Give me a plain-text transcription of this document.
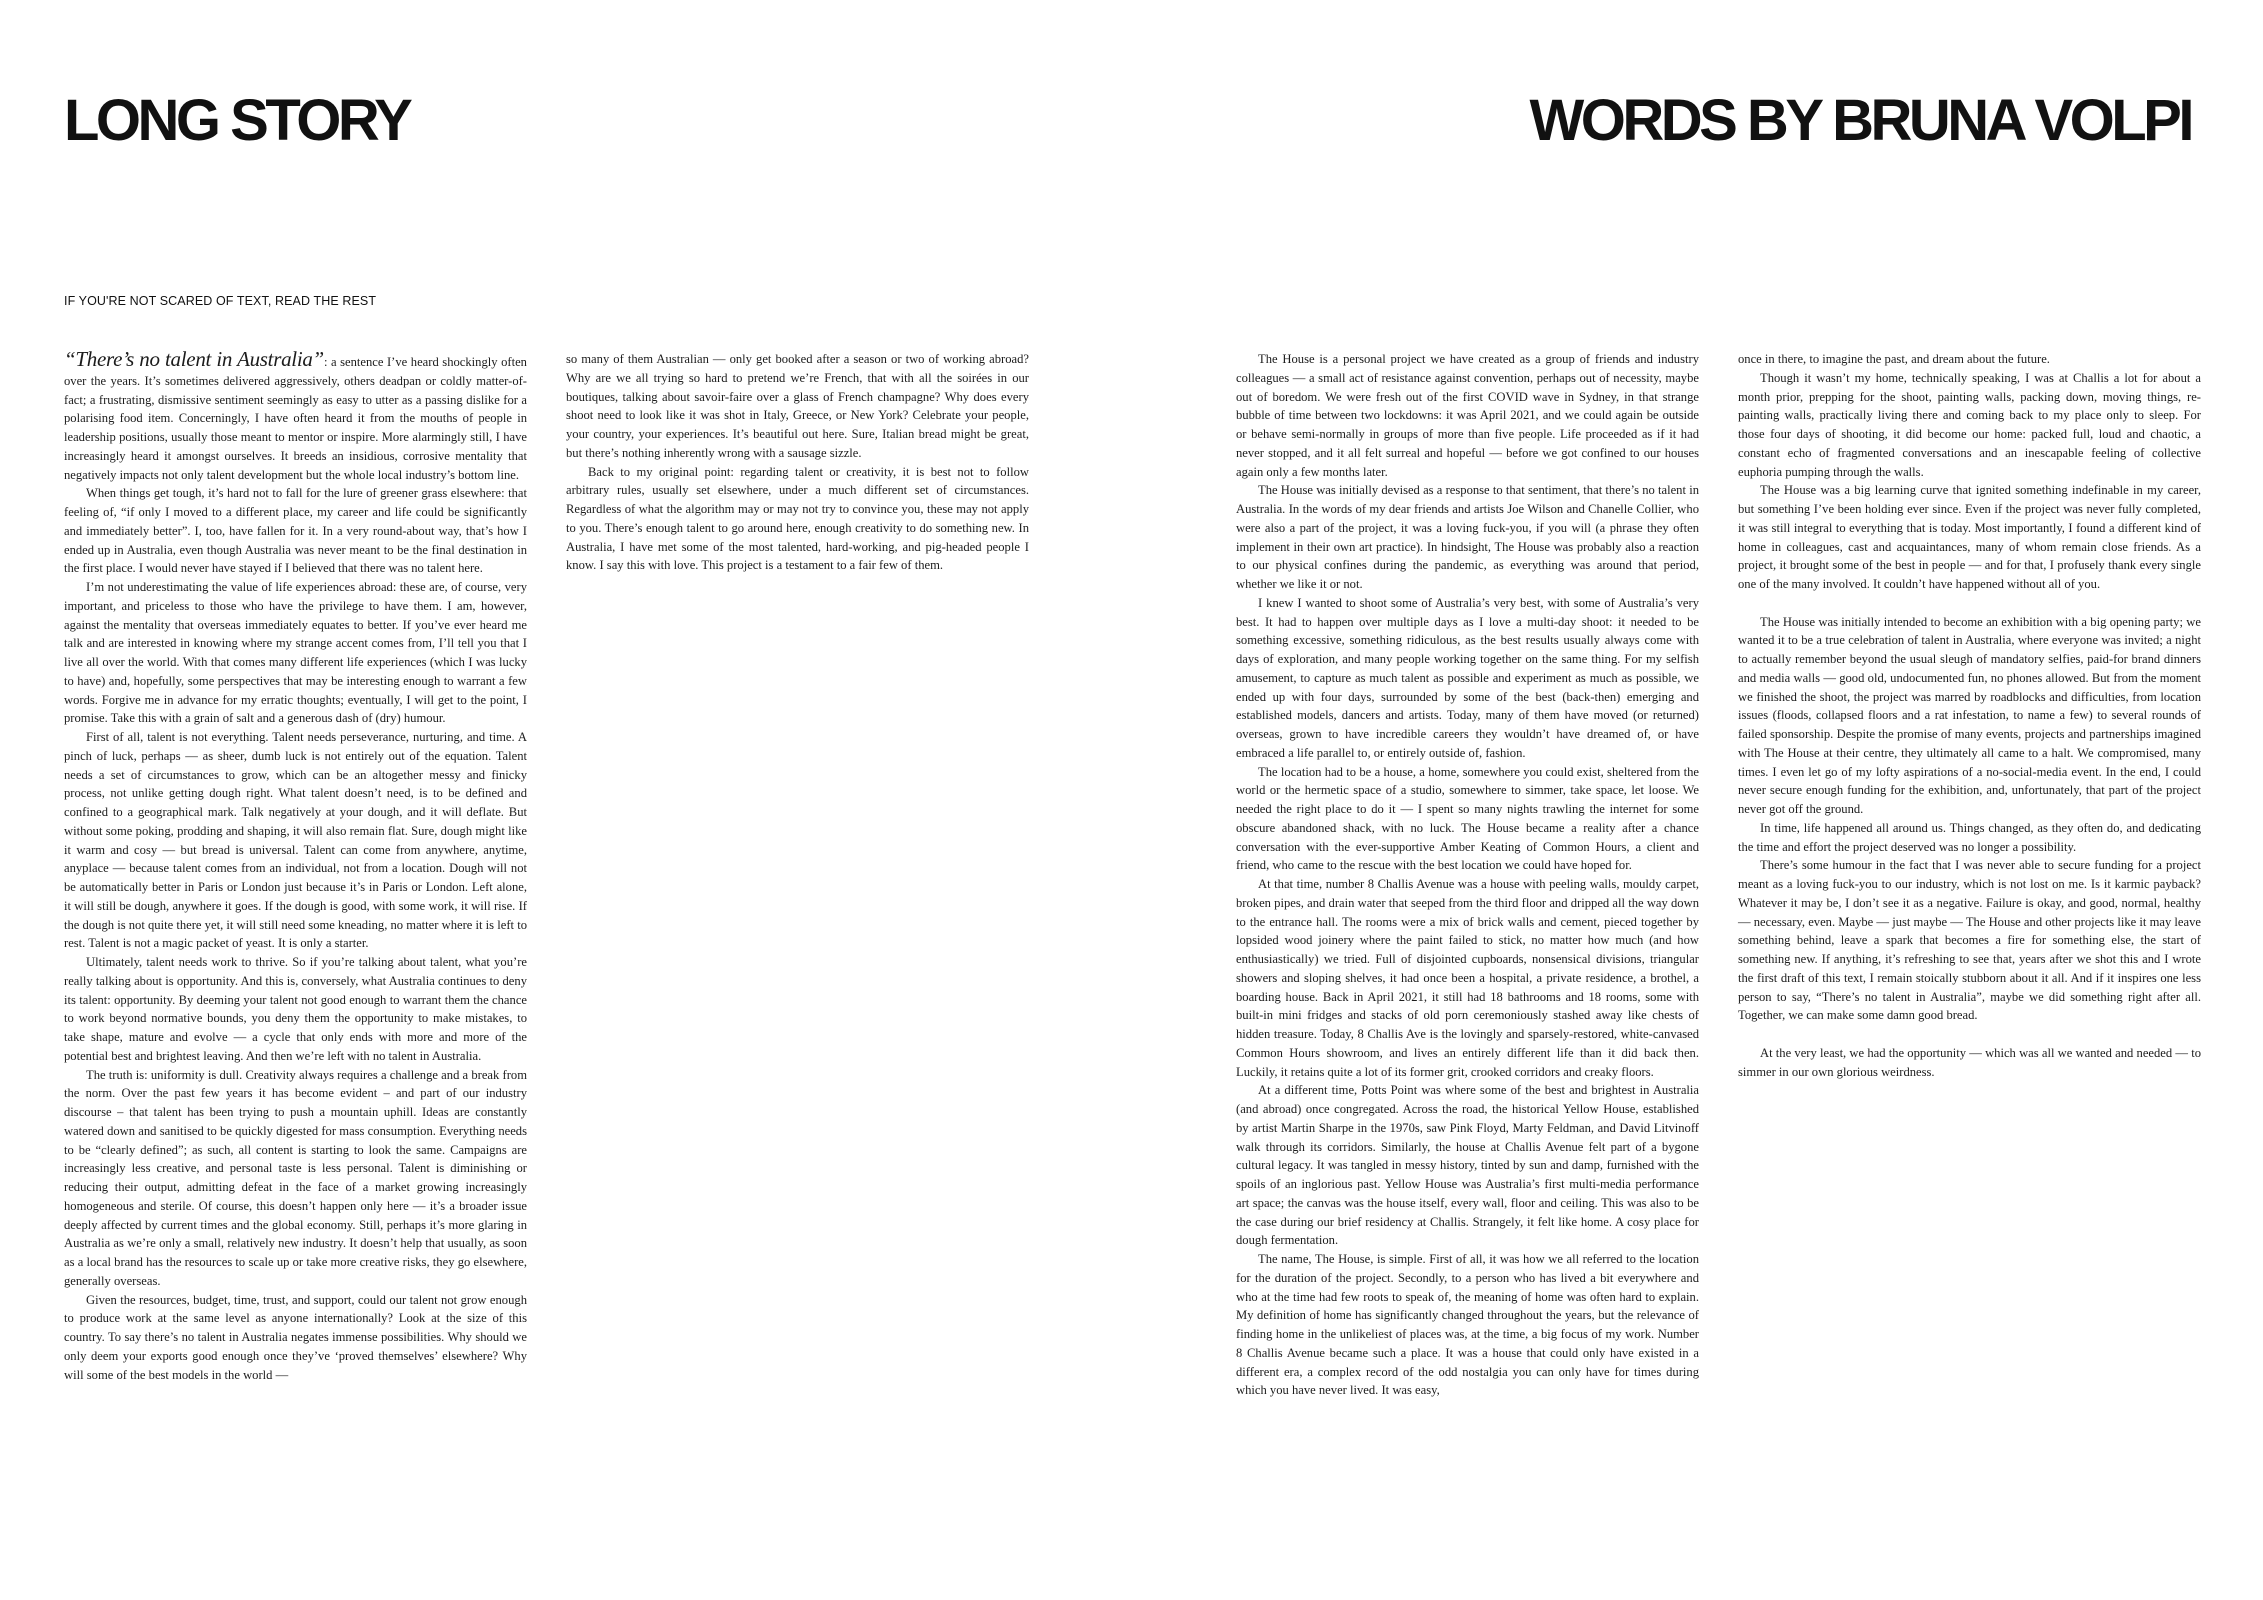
LONG STORY	WORDS BY BRUNA VOLPI

IF YOU'RE NOT SCARED OF TEXT, READ THE REST

“There’s no talent in Australia”: a sentence I’ve heard shockingly often over the years. It’s sometimes delivered aggressively, others deadpan or coldly matter-of-fact; a frustrating, dismissive sentiment seemingly as easy to utter as a passing dislike for a polarising food item. Concerningly, I have often heard it from the mouths of people in leadership positions, usually those meant to mentor or inspire. More alarmingly still, I have increasingly heard it amongst ourselves. It breeds an insidious, corrosive mentality that negatively impacts not only talent development but the whole local industry’s bottom line.

When things get tough, it’s hard not to fall for the lure of greener grass elsewhere: that feeling of, “if only I moved to a different place, my career and life could be significantly and immediately better”. I, too, have fallen for it. In a very round-about way, that’s how I ended up in Australia, even though Australia was never meant to be the final destination in the first place. I would never have stayed if I believed that there was no talent here.

I’m not underestimating the value of life experiences abroad: these are, of course, very important, and priceless to those who have the privilege to have them. I am, however, against the mentality that overseas immediately equates to better. If you’ve ever heard me talk and are interested in knowing where my strange accent comes from, I’ll tell you that I live all over the world. With that comes many different life experiences (which I was lucky to have) and, hopefully, some perspectives that may be interesting enough to warrant a few words. Forgive me in advance for my erratic thoughts; eventually, I will get to the point, I promise. Take this with a grain of salt and a generous dash of (dry) humour.

First of all, talent is not everything. Talent needs perseverance, nurturing, and time. A pinch of luck, perhaps — as sheer, dumb luck is not entirely out of the equation. Talent needs a set of circumstances to grow, which can be an altogether messy and finicky process, not unlike getting dough right. What talent doesn’t need, is to be defined and confined to a geographical mark. Talk negatively at your dough, and it will deflate. But without some poking, prodding and shaping, it will also remain flat. Sure, dough might like it warm and cosy — but bread is universal. Talent can come from anywhere, anytime, anyplace — because talent comes from an individual, not from a location. Dough will not be automatically better in Paris or London just because it’s in Paris or London. Left alone, it will still be dough, anywhere it goes. If the dough is good, with some work, it will rise. If the dough is not quite there yet, it will still need some kneading, no matter where it is left to rest. Talent is not a magic packet of yeast. It is only a starter.

Ultimately, talent needs work to thrive. So if you’re talking about talent, what you’re really talking about is opportunity. And this is, conversely, what Australia continues to deny its talent: opportunity. By deeming your talent not good enough to warrant them the chance to work beyond normative bounds, you deny them the opportunity to make mistakes, to take shape, mature and evolve — a cycle that only ends with more and more of the potential best and brightest leaving. And then we’re left with no talent in Australia.

The truth is: uniformity is dull. Creativity always requires a challenge and a break from the norm. Over the past few years it has become evident – and part of our industry discourse – that talent has been trying to push a mountain uphill. Ideas are constantly watered down and sanitised to be quickly digested for mass consumption. Everything needs to be “clearly defined”; as such, all content is starting to look the same. Campaigns are increasingly less creative, and personal taste is less personal. Talent is diminishing or reducing their output, admitting defeat in the face of a market growing increasingly homogeneous and sterile. Of course, this doesn’t happen only here — it’s a broader issue deeply affected by current times and the global economy. Still, perhaps it’s more glaring in Australia as we’re only a small, relatively new industry. It doesn’t help that usually, as soon as a local brand has the resources to scale up or take more creative risks, they go elsewhere, generally overseas.

Given the resources, budget, time, trust, and support, could our talent not grow enough to produce work at the same level as anyone internationally? Look at the size of this country. To say there’s no talent in Australia negates immense possibilities. Why should we only deem your exports good enough once they’ve ‘proved themselves’ elsewhere? Why will some of the best models in the world —

so many of them Australian — only get booked after a season or two of working abroad? Why are we all trying so hard to pretend we’re French, that with all the soirées in our boutiques, talking about savoir-faire over a glass of French champagne? Why does every shoot need to look like it was shot in Italy, Greece, or New York? Celebrate your people, your country, your experiences. It’s beautiful out here. Sure, Italian bread might be great, but there’s nothing inherently wrong with a sausage sizzle.

Back to my original point: regarding talent or creativity, it is best not to follow arbitrary rules, usually set elsewhere, under a much different set of circumstances. Regardless of what the algorithm may or may not try to convince you, these may not apply to you. There’s enough talent to go around here, enough creativity to do something new. In Australia, I have met some of the most talented, hard-working, and pig-headed people I know. I say this with love. This project is a testament to a fair few of them.

The House is a personal project we have created as a group of friends and industry colleagues — a small act of resistance against convention, perhaps out of necessity, maybe out of boredom. We were fresh out of the first COVID wave in Sydney, in that strange bubble of time between two lockdowns: it was April 2021, and we could again be outside or behave semi-normally in groups of more than five people. Life proceeded as if it had never stopped, and it all felt surreal and hopeful — before we got confined to our houses again only a few months later.

The House was initially devised as a response to that sentiment, that there’s no talent in Australia. In the words of my dear friends and artists Joe Wilson and Chanelle Collier, who were also a part of the project, it was a loving fuck-you, if you will (a phrase they often implement in their own art practice). In hindsight, The House was probably also a reaction to our physical confines during the pandemic, as everything was around that period, whether we like it or not.

I knew I wanted to shoot some of Australia’s very best, with some of Australia’s very best. It had to happen over multiple days as I love a multi-day shoot: it needed to be something excessive, something ridiculous, as the best results usually always come with days of exploration, and many people working together on the same thing. For my selfish amusement, to capture as much talent as possible and experiment as much as possible, we ended up with four days, surrounded by some of the best (back-then) emerging and established models, dancers and artists. Today, many of them have moved (or returned) overseas, grown to have incredible careers they wouldn’t have dreamed of, or have embraced a life parallel to, or entirely outside of, fashion.

The location had to be a house, a home, somewhere you could exist, sheltered from the world or the hermetic space of a studio, somewhere to simmer, take space, let loose. We needed the right place to do it — I spent so many nights trawling the internet for some obscure abandoned shack, with no luck. The House became a reality after a chance conversation with the ever-supportive Amber Keating of Common Hours, a client and friend, who came to the rescue with the best location we could have hoped for.

At that time, number 8 Challis Avenue was a house with peeling walls, mouldy carpet, broken pipes, and drain water that seeped from the third floor and dripped all the way down to the entrance hall. The rooms were a mix of brick walls and cement, pieced together by lopsided wood joinery where the paint failed to stick, no matter how much (and how enthusiastically) we tried. Full of disjointed cupboards, nonsensical divisions, triangular showers and sloping shelves, it had once been a hospital, a private residence, a brothel, a boarding house. Back in April 2021, it still had 18 bathrooms and 18 rooms, some with built-in mini fridges and stacks of old porn ceremoniously stashed away like chests of hidden treasure. Today, 8 Challis Ave is the lovingly and sparsely-restored, white-canvased Common Hours showroom, and lives an entirely different life than it did back then. Luckily, it retains quite a lot of its former grit, crooked corridors and creaky floors.

At a different time, Potts Point was where some of the best and brightest in Australia (and abroad) once congregated. Across the road, the historical Yellow House, established by artist Martin Sharpe in the 1970s, saw Pink Floyd, Marty Feldman, and David Litvinoff walk through its corridors. Similarly, the house at Challis Avenue felt part of a bygone cultural legacy. It was tangled in messy history, tinted by sun and damp, furnished with the spoils of an inglorious past. Yellow House was Australia’s first multi-media performance art space; the canvas was the house itself, every wall, floor and ceiling. This was also to be the case during our brief residency at Challis. Strangely, it felt like home. A cosy place for dough fermentation.

The name, The House, is simple. First of all, it was how we all referred to the location for the duration of the project. Secondly, to a person who has lived a bit everywhere and who at the time had few roots to speak of, the meaning of home was often hard to explain. My definition of home has significantly changed throughout the years, but the relevance of finding home in the unlikeliest of places was, at the time, a big focus of my work. Number 8 Challis Avenue became such a place. It was a house that could only have existed in a different era, a complex record of the odd nostalgia you can only have for times during which you have never lived. It was easy,

once in there, to imagine the past, and dream about the future.

Though it wasn’t my home, technically speaking, I was at Challis a lot for about a month prior, prepping for the shoot, painting walls, packing down, moving things, re-painting walls, practically living there and coming back to my place only to sleep. For those four days of shooting, it did become our home: packed full, loud and chaotic, a constant echo of fragmented conversations and an inescapable feeling of collective euphoria pumping through the walls.

The House was a big learning curve that ignited something indefinable in my career, but something I’ve been holding ever since. Even if the project was never fully completed, it was still integral to everything that is today. Most importantly, I found a different kind of home in colleagues, cast and acquaintances, many of whom remain close friends. As a project, it brought some of the best in people — and for that, I profusely thank every single one of the many involved. It couldn’t have happened without all of you.

The House was initially intended to become an exhibition with a big opening party; we wanted it to be a true celebration of talent in Australia, where everyone was invited; a night to actually remember beyond the usual sleugh of mandatory selfies, paid-for brand dinners and media walls — good old, undocumented fun, no phones allowed. But from the moment we finished the shoot, the project was marred by roadblocks and difficulties, from location issues (floods, collapsed floors and a rat infestation, to name a few) to several rounds of failed sponsorship. Despite the promise of many events, projects and partnerships imagined with The House at their centre, they ultimately all came to a halt. We compromised, many times. I even let go of my lofty aspirations of a no-social-media event. In the end, I could never secure enough funding for the exhibition, and, unfortunately, that part of the project never got off the ground.

In time, life happened all around us. Things changed, as they often do, and dedicating the time and effort the project deserved was no longer a possibility.

There’s some humour in the fact that I was never able to secure funding for a project meant as a loving fuck-you to our industry, which is not lost on me. Is it karmic payback? Whatever it may be, I don’t see it as a negative. Failure is okay, and good, normal, healthy — necessary, even. Maybe — just maybe — The House and other projects like it may leave something behind, leave a spark that becomes a fire for something else, the start of something new. If anything, it’s refreshing to see that, years after we shot this and I wrote the first draft of this text, I remain stoically stubborn about it all. And if it inspires one less person to say, “There’s no talent in Australia”, maybe we did something right after all. Together, we can make some damn good bread.

At the very least, we had the opportunity — which was all we wanted and needed — to simmer in our own glorious weirdness.
